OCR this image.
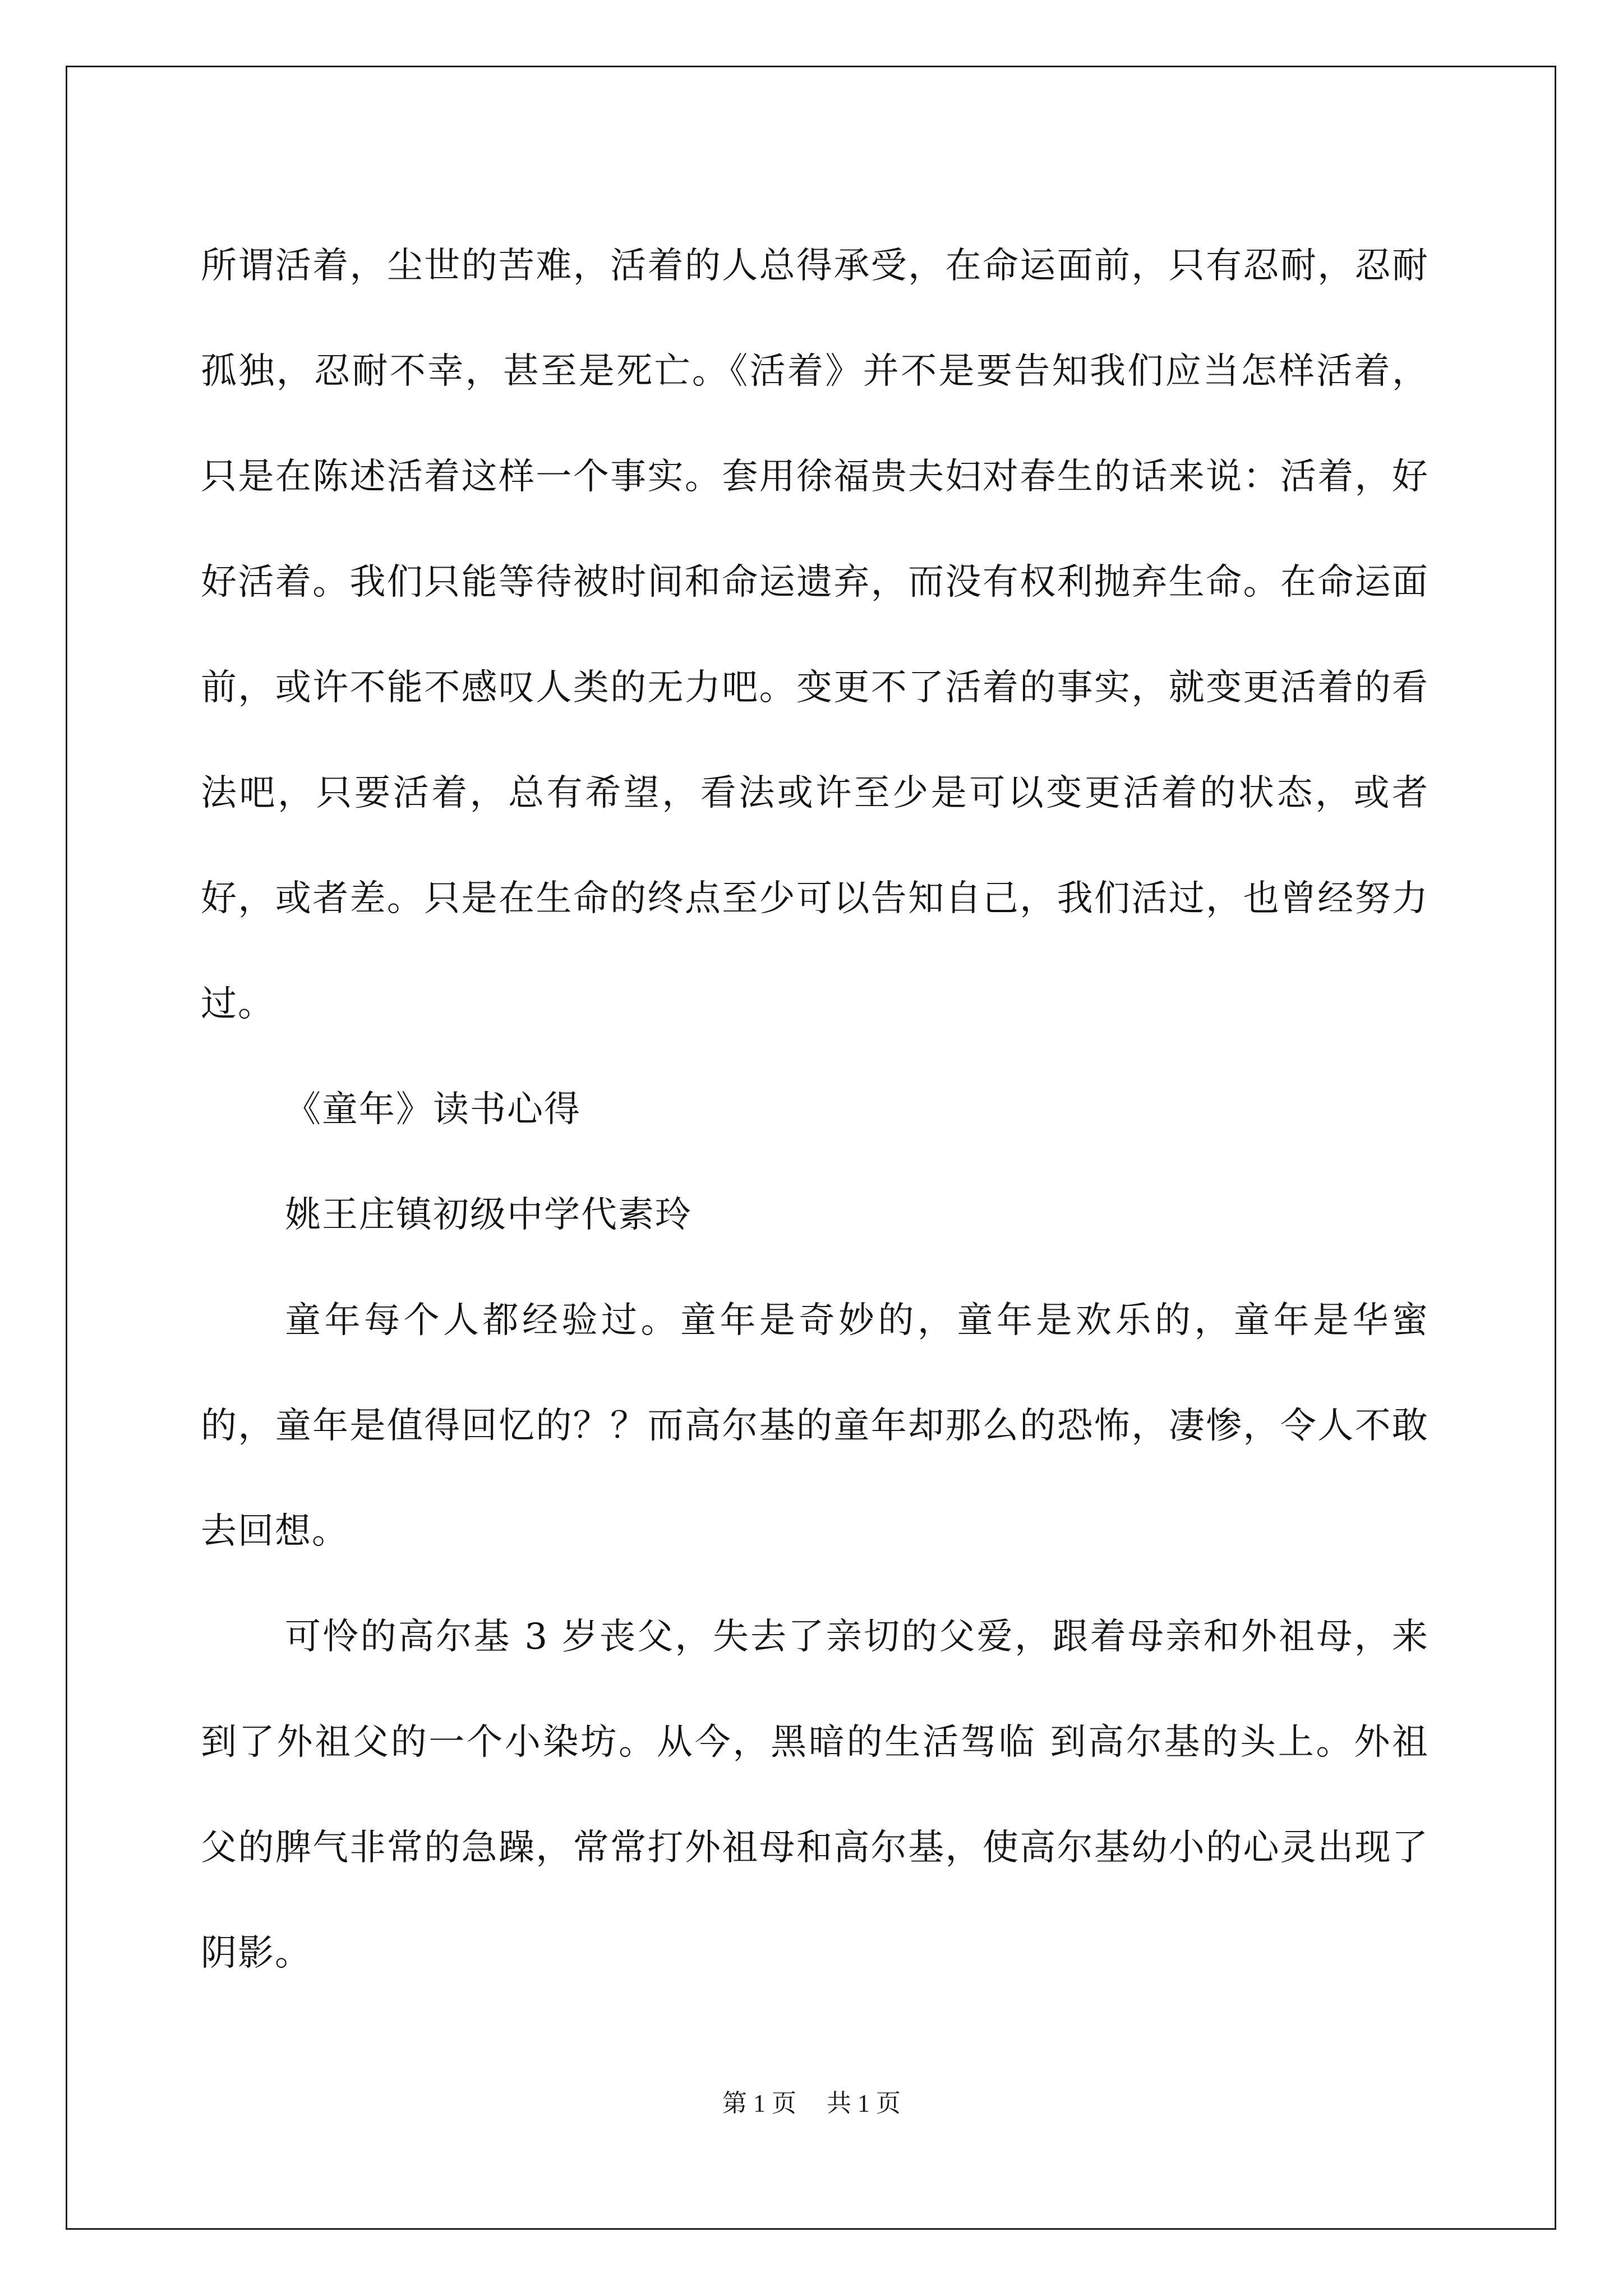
所谓活着，尘世的苦难，活着的人总得承受，在命运面前，只有忍耐，忍耐孤独，忍耐不幸，甚至是死亡。《活着》并不是要告知我们应当怎样活着，只是在陈述活着这样一个事实。套用徐福贵夫妇对春生的话来说：活着，好好活着。我们只能等待被时间和命运遗弃，而没有权利抛弃生命。在命运面前，或许不能不感叹人类的无力吧。变更不了活着的事实，就变更活着的看法吧，只要活着，总有希望，看法或许至少是可以变更活着的状态，或者好，或者差。只是在生命的终点至少可以告知自己，我们活过，也曾经努力过。

《童年》读书心得

姚王庄镇初级中学代素玲

童年每个人都经验过。童年是奇妙的，童年是欢乐的，童年是华蜜的，童年是值得回忆的？？而高尔基的童年却那么的恐怖，凄惨，令人不敢去回想。

可怜的高尔基 3 岁丧父，失去了亲切的父爱，跟着母亲和外祖母，来到了外祖父的一个小染坊。从今，黑暗的生活驾临 到高尔基的头上。外祖父的脾气非常的急躁，常常打外祖母和高尔基，使高尔基幼小的心灵出现了阴影。

第 1 页 共 1 页
